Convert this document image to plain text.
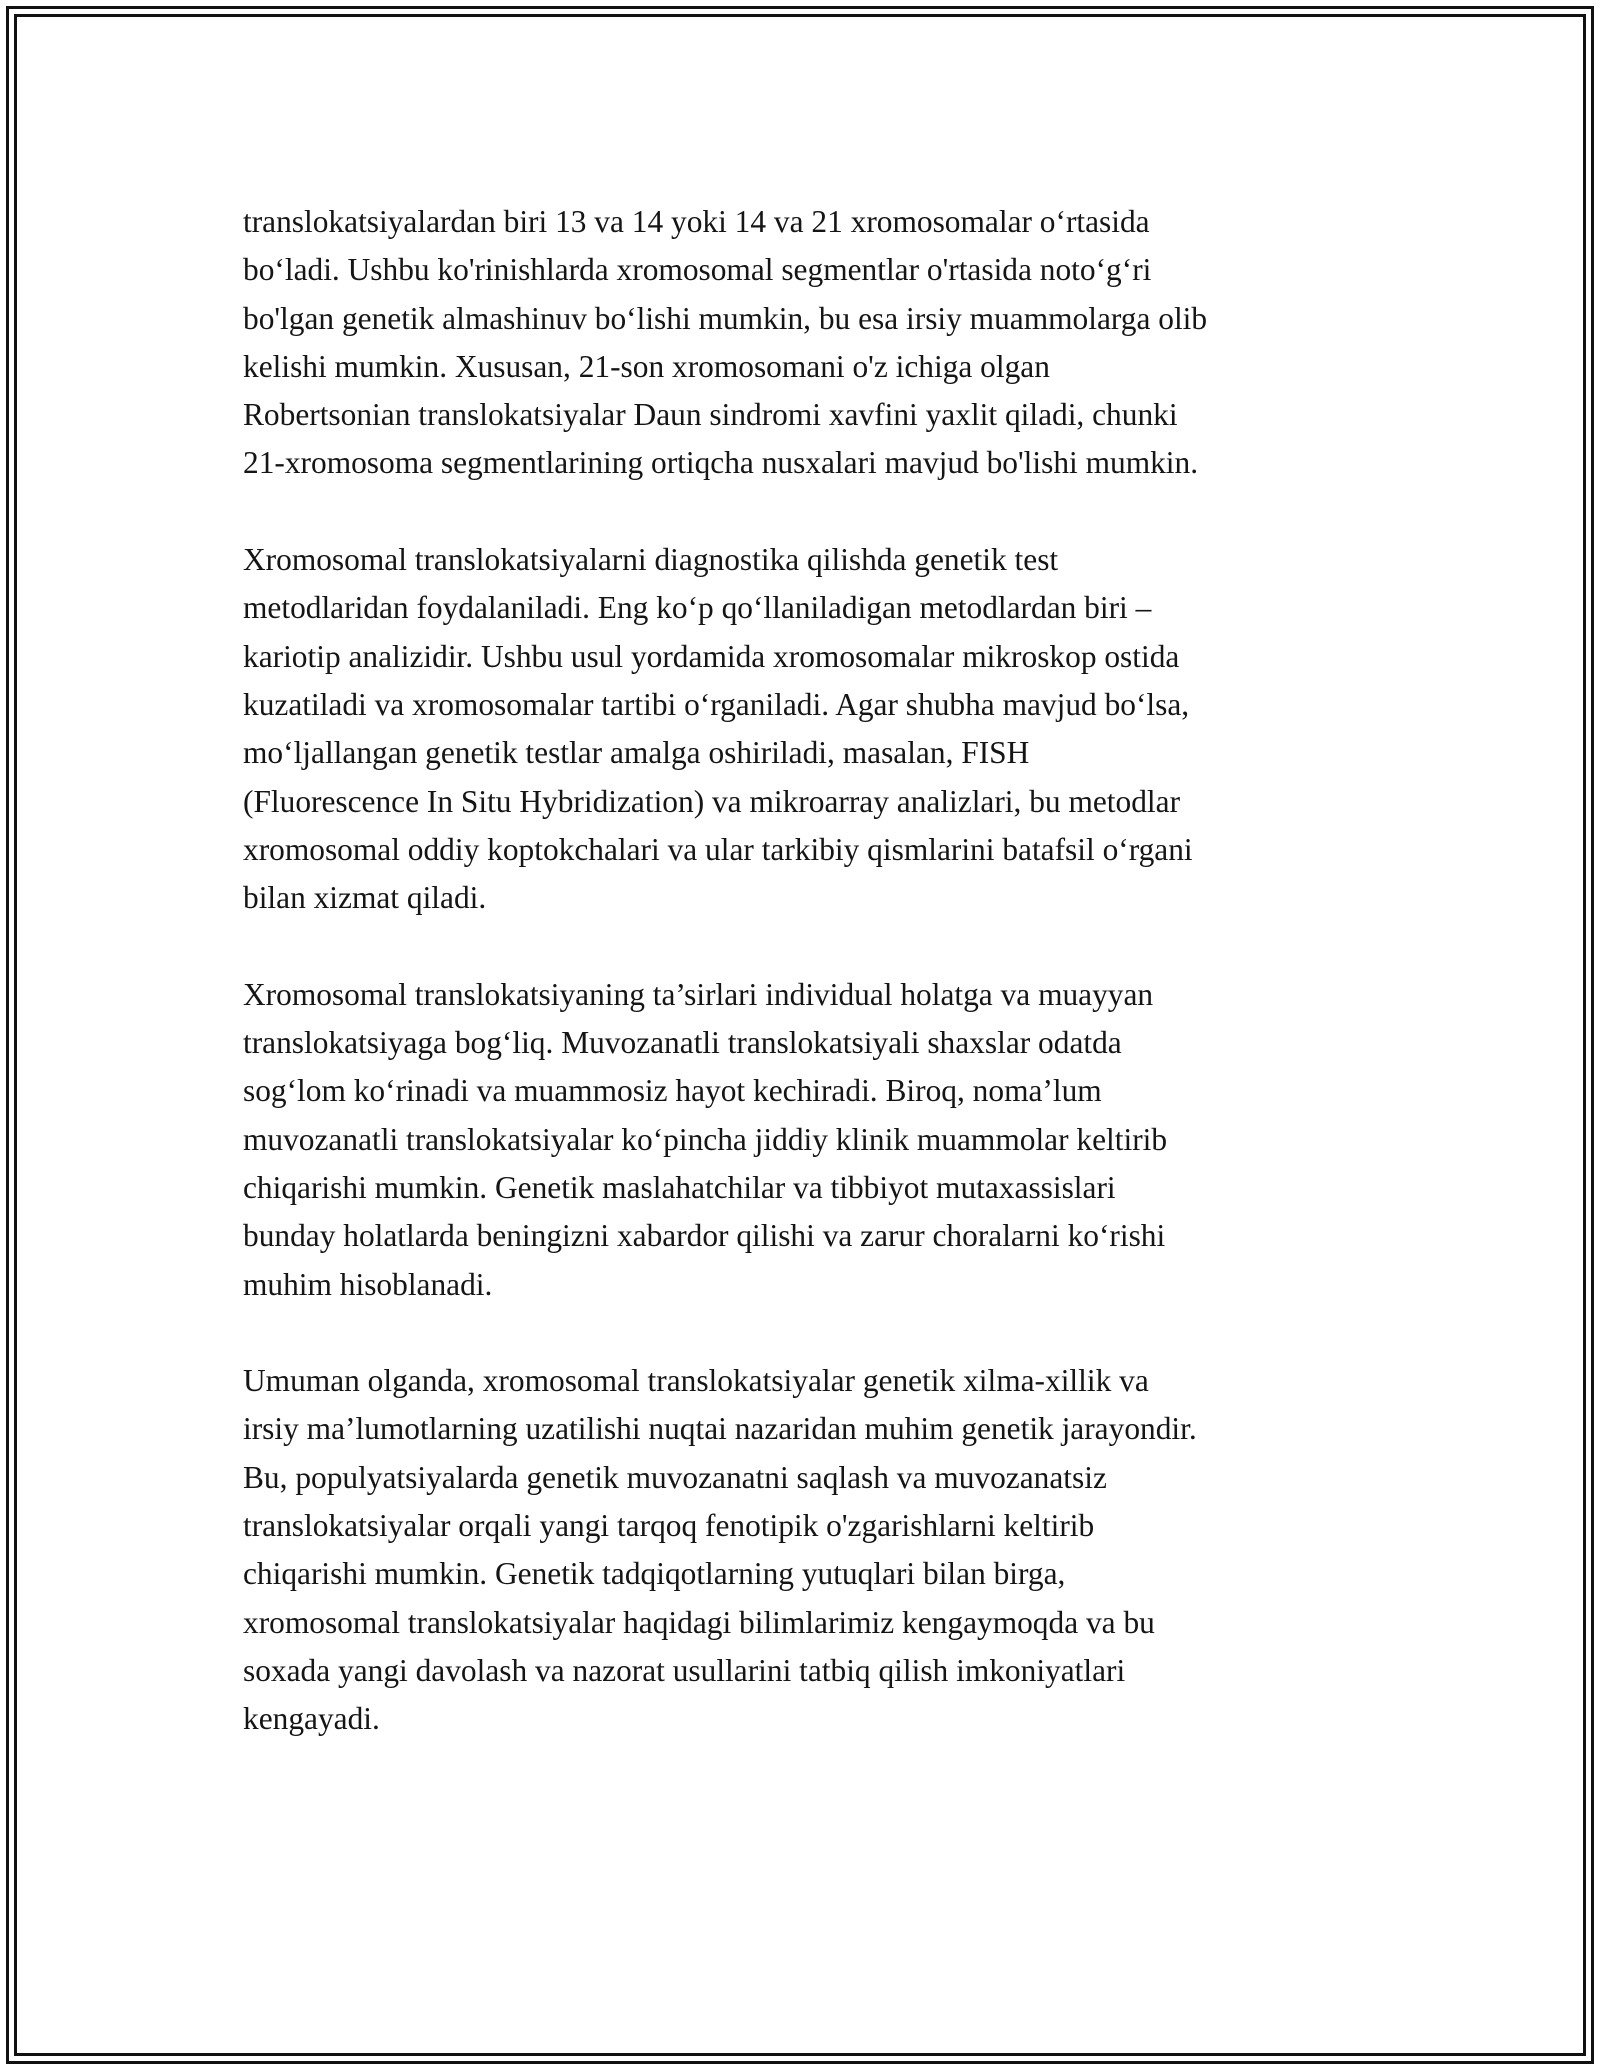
translokatsiyalardan biri 13 va 14 yoki 14 va 21 xromosomalar o‘rtasida
bo‘ladi. Ushbu ko'rinishlarda xromosomal segmentlar o'rtasida noto‘g‘ri
bo'lgan genetik almashinuv bo‘lishi mumkin, bu esa irsiy muammolarga olib
kelishi mumkin. Xususan, 21-son xromosomani o'z ichiga olgan
Robertsonian translokatsiyalar Daun sindromi xavfini yaxlit qiladi, chunki
21-xromosoma segmentlarining ortiqcha nusxalari mavjud bo'lishi mumkin.

Xromosomal translokatsiyalarni diagnostika qilishda genetik test
metodlaridan foydalaniladi. Eng ko‘p qo‘llaniladigan metodlardan biri –
kariotip analizidir. Ushbu usul yordamida xromosomalar mikroskop ostida
kuzatiladi va xromosomalar tartibi o‘rganiladi. Agar shubha mavjud bo‘lsa,
mo‘ljallangan genetik testlar amalga oshiriladi, masalan, FISH
(Fluorescence In Situ Hybridization) va mikroarray analizlari, bu metodlar
xromosomal oddiy koptokchalari va ular tarkibiy qismlarini batafsil o‘rgani
bilan xizmat qiladi.

Xromosomal translokatsiyaning ta’sirlari individual holatga va muayyan
translokatsiyaga bog‘liq. Muvozanatli translokatsiyali shaxslar odatda
sog‘lom ko‘rinadi va muammosiz hayot kechiradi. Biroq, noma’lum
muvozanatli translokatsiyalar ko‘pincha jiddiy klinik muammolar keltirib
chiqarishi mumkin. Genetik maslahatchilar va tibbiyot mutaxassislari
bunday holatlarda beningizni xabardor qilishi va zarur choralarni ko‘rishi
muhim hisoblanadi.

Umuman olganda, xromosomal translokatsiyalar genetik xilma-xillik va
irsiy ma’lumotlarning uzatilishi nuqtai nazaridan muhim genetik jarayondir.
Bu, populyatsiyalarda genetik muvozanatni saqlash va muvozanatsiz
translokatsiyalar orqali yangi tarqoq fenotipik o'zgarishlarni keltirib
chiqarishi mumkin. Genetik tadqiqotlarning yutuqlari bilan birga,
xromosomal translokatsiyalar haqidagi bilimlarimiz kengaymoqda va bu
soxada yangi davolash va nazorat usullarini tatbiq qilish imkoniyatlari
kengayadi.
